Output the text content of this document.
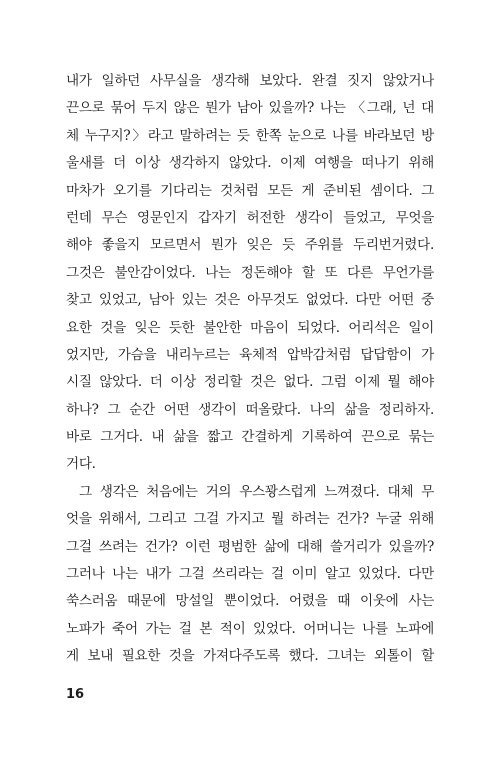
내가 일하던 사무실을 생각해 보았다. 완결 짓지 않았거나
끈으로 묶어 두지 않은 뭔가 남아 있을까? 나는 〈그래, 넌 대
체 누구지?〉라고 말하려는 듯 한쪽 눈으로 나를 바라보던 방
울새를 더 이상 생각하지 않았다. 이제 여행을 떠나기 위해
마차가 오기를 기다리는 것처럼 모든 게 준비된 셈이다. 그
런데 무슨 영문인지 갑자기 허전한 생각이 들었고, 무엇을
해야 좋을지 모르면서 뭔가 잊은 듯 주위를 두리번거렸다.
그것은 불안감이었다. 나는 정돈해야 할 또 다른 무언가를
찾고 있었고, 남아 있는 것은 아무것도 없었다. 다만 어떤 중
요한 것을 잊은 듯한 불안한 마음이 되었다. 어리석은 일이
었지만, 가슴을 내리누르는 육체적 압박감처럼 답답함이 가
시질 않았다. 더 이상 정리할 것은 없다. 그럼 이제 뭘 해야
하나? 그 순간 어떤 생각이 떠올랐다. 나의 삶을 정리하자.
바로 그거다. 내 삶을 짧고 간결하게 기록하여 끈으로 묶는
거다.
그 생각은 처음에는 거의 우스꽝스럽게 느껴졌다. 대체 무
엇을 위해서, 그리고 그걸 가지고 뭘 하려는 건가? 누굴 위해
그걸 쓰려는 건가? 이런 평범한 삶에 대해 쓸거리가 있을까?
그러나 나는 내가 그걸 쓰리라는 걸 이미 알고 있었다. 다만
쑥스러움 때문에 망설일 뿐이었다. 어렸을 때 이웃에 사는
노파가 죽어 가는 걸 본 적이 있었다. 어머니는 나를 노파에
게 보내 필요한 것을 가져다주도록 했다. 그녀는 외톨이 할
16
